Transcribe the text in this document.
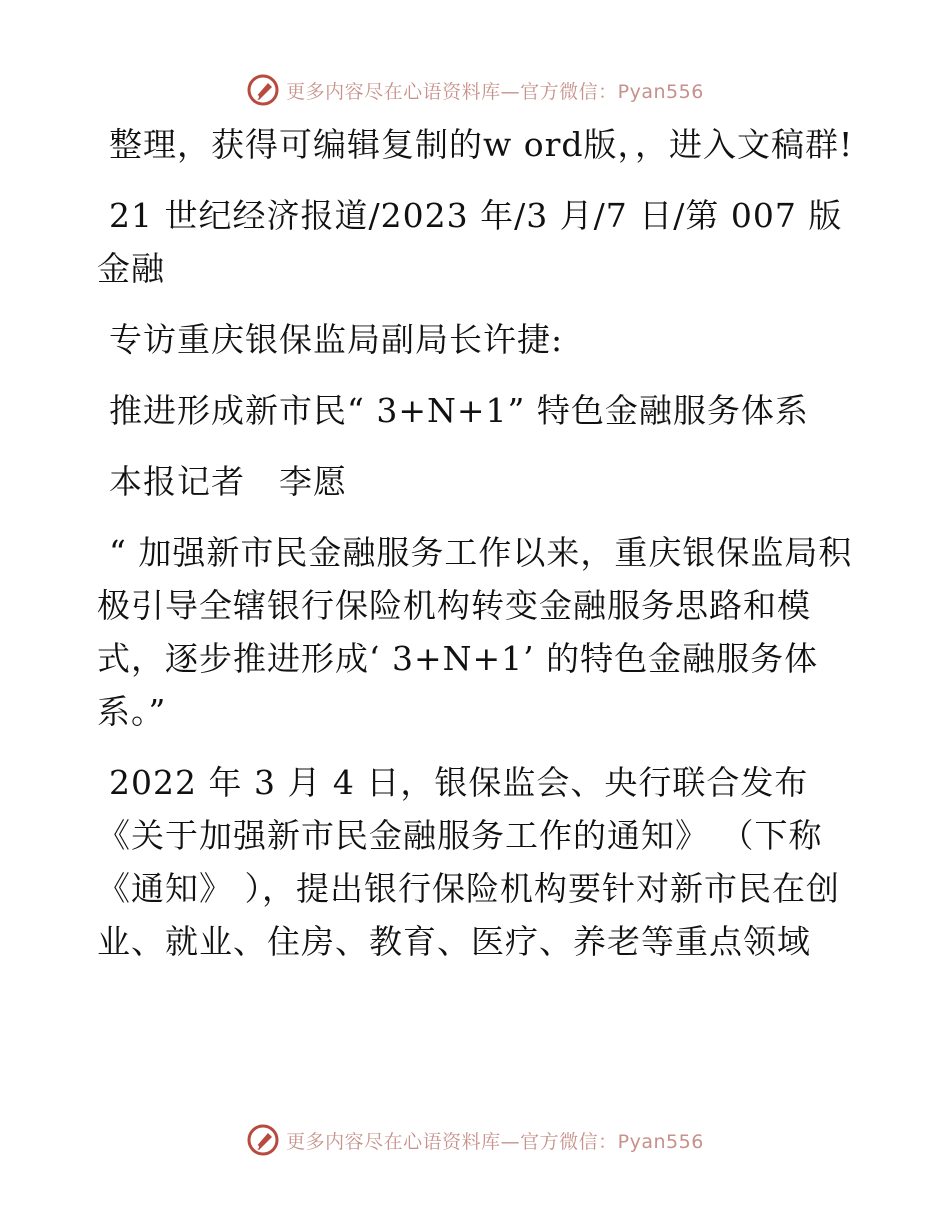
更多内容尽在心语资料库—官方微信：Pyan556

整理，获得可编辑复制的w ord版，，进入文稿群!

21 世纪经济报道/2023 年/3 月/7 日/第 007 版金融

专访重庆银保监局副局长许捷:

推进形成新市民“ 3+N+1” 特色金融服务体系

本报记者　李愿

“ 加强新市民金融服务工作以来，重庆银保监局积极引导全辖银行保险机构转变金融服务思路和模式，逐步推进形成‘ 3+N+1’ 的特色金融服务体系。”

2022 年 3 月 4 日，银保监会、央行联合发布《关于加强新市民金融服务工作的通知》 （下称《通知》 ），提出银行保险机构要针对新市民在创业、就业、住房、教育、医疗、养老等重点领域

更多内容尽在心语资料库—官方微信：Pyan556
